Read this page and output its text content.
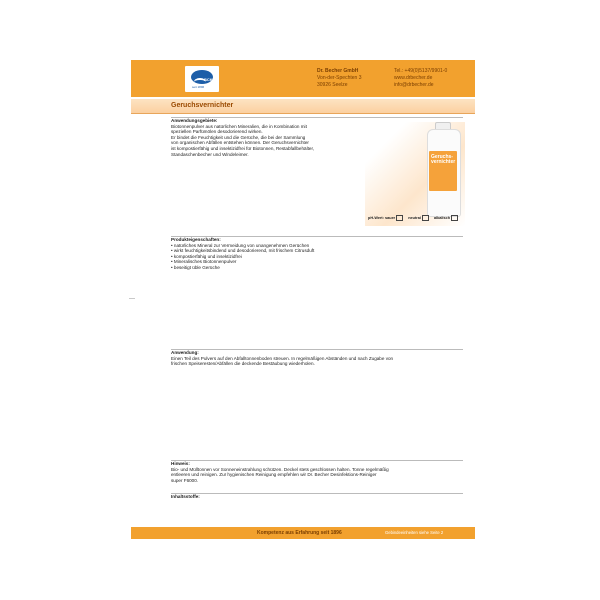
BCKR
seit 1896
Dr. Becher GmbH
Von-der-Spechten 3
30926 Seelze
Tel.: +49(0)5137/9901-0
www.drbecher.de
info@drbecher.de
Geruchsvernichter
Anwendungsgebiete:
Biotonnenpulver aus natürlichen Mineralien, die in Kombination mit
speziellen Parfümölen desodorierend wirken.
Er bindet die Feuchtigkeit und die Gerüche, die bei der Sammlung
von organischen Abfällen entstehen können. Der Geruchsvernichter
ist kompostierfähig und insektizidfrei für Biotonnen, Restabfallbehälter,
Standaschenbecher und Windeleimer.	Geruchs-vernichter
pH-Wert: sauer	neutral	alkalisch
Produkteigenschaften:
• natürliches Mineral zur Vermeidung von unangenehmen Gerüchen
• wirkt feuchtigkeitsbindend und desodorierend, mit frischem Citrusduft
• kompostierfähig und insektizidfrei
• Mineralisches Biotonnenpulver
• beseitigt üble Gerüche
Anwendung:
Einen Teil des Pulvers auf den Abfalltonnenboden streuen. In regelmäßigen Abständen und nach Zugabe von
frischen Speiseresten/Abfällen die deckende Bestäubung wiederholen.
Hinweis:
Bio- und Mülltonnen vor Sonneneinstrahlung schützen. Deckel stets geschlossen halten. Tonne regelmäßig
entleeren und reinigen. Zur hygienischen Reinigung empfehlen wir Dr. Becher Desinfektions-Reiniger
super F6000.
Inhaltsstoffe:
Kompetenz aus Erfahrung seit 1896	Gebindeeinheiten siehe Seite 2
